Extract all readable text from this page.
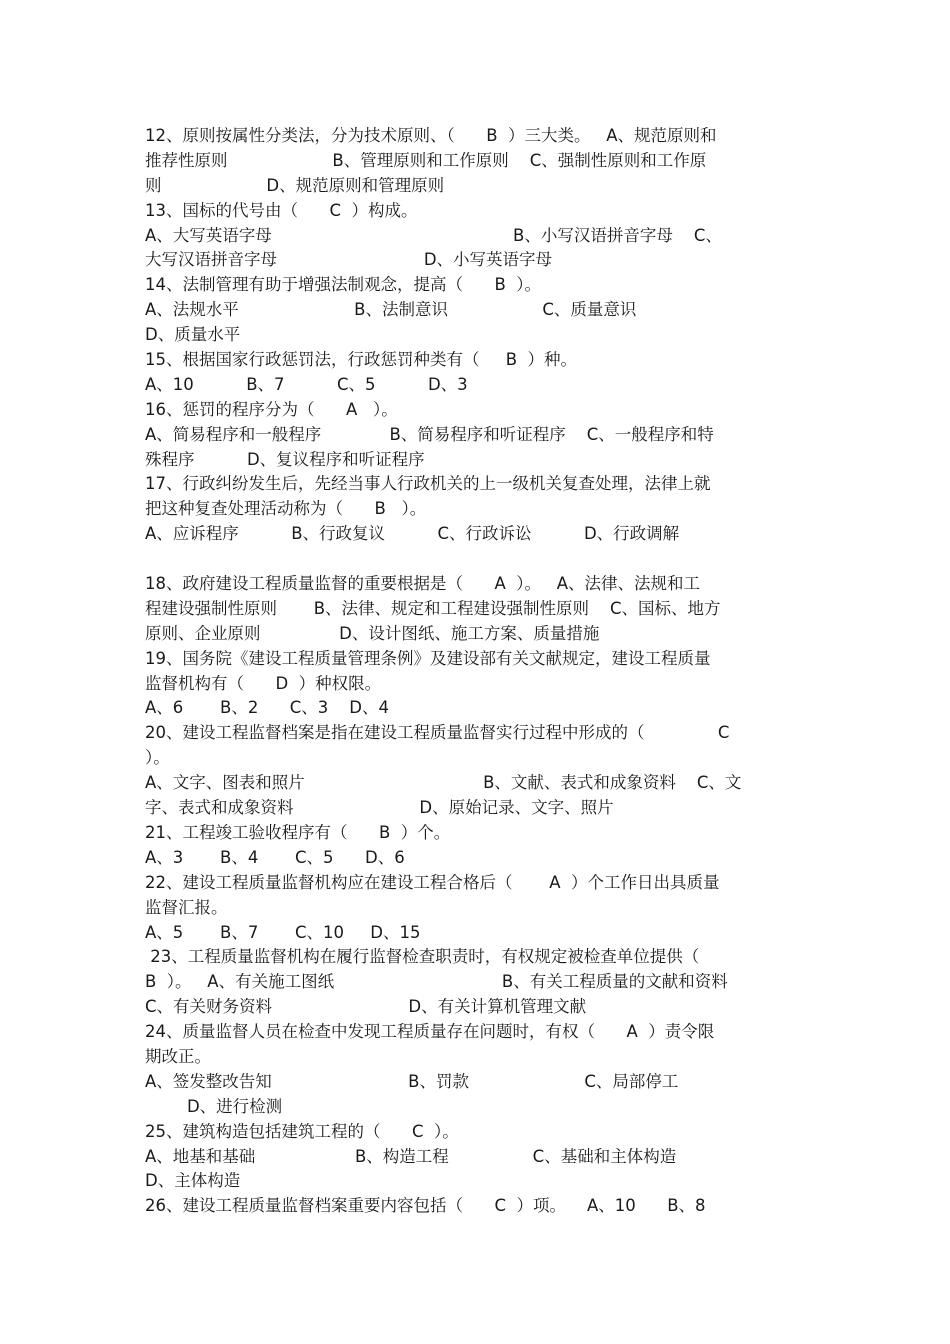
12、原则按属性分类法，分为技术原则、（      B  ）三大类。   A、规范原则和
推荐性原则                    B、管理原则和工作原则    C、强制性原则和工作原
则                    D、规范原则和管理原则
13、国标的代号由（      C  ）构成。
A、大写英语字母                                              B、小写汉语拼音字母    C、
大写汉语拼音字母                            D、小写英语字母
14、法制管理有助于增强法制观念，提高（      B  ）。
A、法规水平                      B、法制意识                  C、质量意识
D、质量水平
15、根据国家行政惩罚法，行政惩罚种类有（     B  ）种。
A、10          B、7          C、5          D、3
16、惩罚的程序分为（      A   ）。
A、简易程序和一般程序             B、简易程序和听证程序    C、一般程序和特
殊程序          D、复议程序和听证程序
17、行政纠纷发生后，先经当事人行政机关的上一级机关复查处理，法律上就
把这种复查处理活动称为（      B   ）。
A、应诉程序          B、行政复议          C、行政诉讼          D、行政调解
18、政府建设工程质量监督的重要根据是（      A  ）。   A、法律、法规和工
程建设强制性原则       B、法律、规定和工程建设强制性原则    C、国标、地方
原则、企业原则               D、设计图纸、施工方案、质量措施
19、国务院《建设工程质量管理条例》及建设部有关文献规定，建设工程质量
监督机构有（      D  ）种权限。
A、6       B、2      C、3    D、4
20、建设工程监督档案是指在建设工程质量监督实行过程中形成的（              C
）。
A、文字、图表和照片                                  B、文献、表式和成象资料    C、文
字、表式和成象资料                        D、原始记录、文字、照片
21、工程竣工验收程序有（      B  ）个。
A、3       B、4       C、5      D、6
22、建设工程质量监督机构应在建设工程合格后（       A  ）个工作日出具质量
监督汇报。
A、5       B、7       C、10     D、15
23、工程质量监督机构在履行监督检查职责时，有权规定被检查单位提供（
B  ）。   A、有关施工图纸                                B、有关工程质量的文献和资料
C、有关财务资料                          D、有关计算机管理文献
24、质量监督人员在检查中发现工程质量存在问题时，有权（      A  ）责令限
期改正。
A、签发整改告知                          B、罚款                      C、局部停工
D、进行检测
25、建筑构造包括建筑工程的（      C  ）。
A、地基和基础                   B、构造工程                C、基础和主体构造
D、主体构造
26、建设工程质量监督档案重要内容包括（      C  ）项。    A、10      B、8
